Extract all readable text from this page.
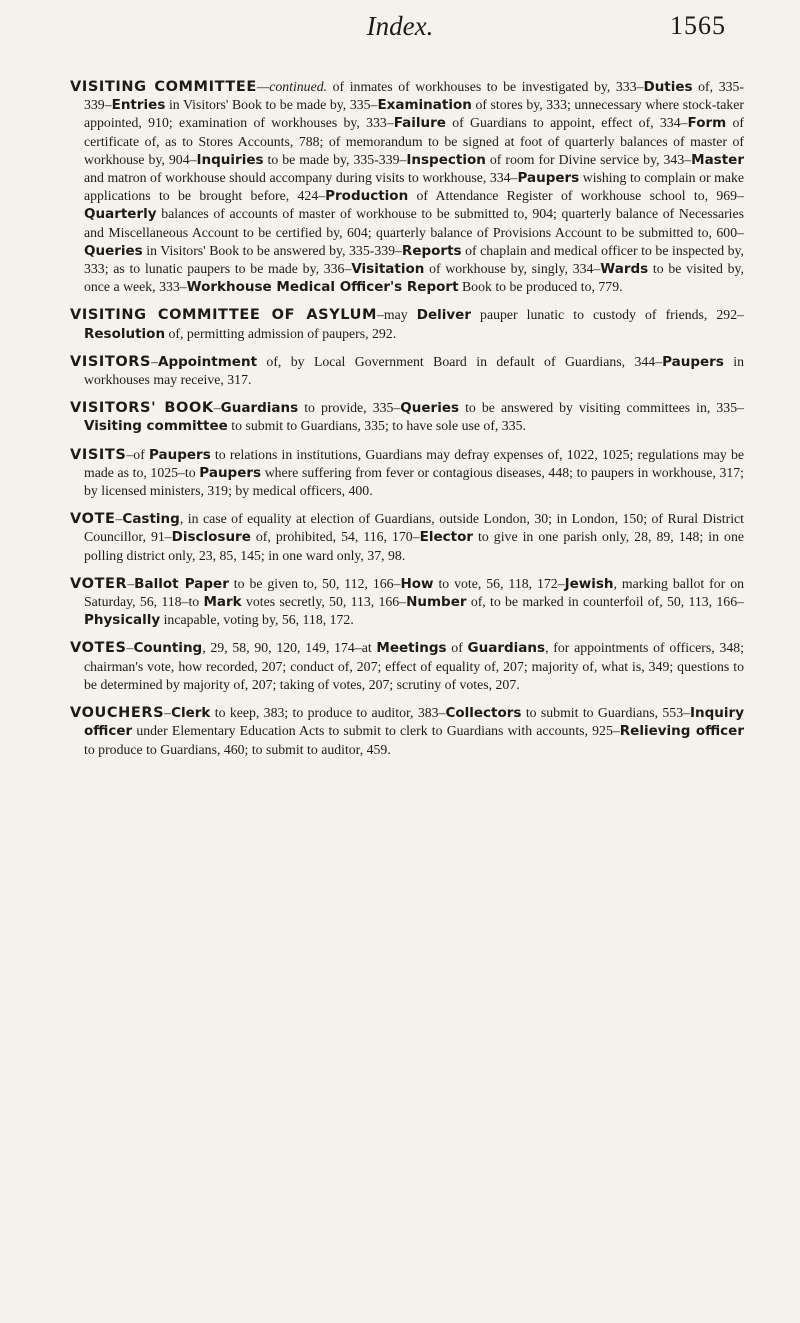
Index.	1565

VISITING COMMITTEE—continued. of inmates of workhouses to be investigated by, 333–Duties of, 335-339–Entries in Visitors' Book to be made by, 335–Examination of stores by, 333; unnecessary where stock-taker appointed, 910; examination of workhouses by, 333–Failure of Guardians to appoint, effect of, 334–Form of certificate of, as to Stores Accounts, 788; of memorandum to be signed at foot of quarterly balances of master of workhouse by, 904–Inquiries to be made by, 335-339–Inspection of room for Divine service by, 343–Master and matron of workhouse should accompany during visits to workhouse, 334–Paupers wishing to complain or make applications to be brought before, 424–Production of Attendance Register of workhouse school to, 969–Quarterly balances of accounts of master of workhouse to be submitted to, 904; quarterly balance of Necessaries and Miscellaneous Account to be certified by, 604; quarterly balance of Provisions Account to be submitted to, 600–Queries in Visitors' Book to be answered by, 335-339–Reports of chaplain and medical officer to be inspected by, 333; as to lunatic paupers to be made by, 336–Visitation of workhouse by, singly, 334–Wards to be visited by, once a week, 333–Workhouse Medical Officer's Report Book to be produced to, 779.

VISITING COMMITTEE OF ASYLUM–may Deliver pauper lunatic to custody of friends, 292–Resolution of, permitting admission of paupers, 292.

VISITORS–Appointment of, by Local Government Board in default of Guardians, 344–Paupers in workhouses may receive, 317.

VISITORS' BOOK–Guardians to provide, 335–Queries to be answered by visiting committees in, 335–Visiting committee to submit to Guardians, 335; to have sole use of, 335.

VISITS–of Paupers to relations in institutions, Guardians may defray expenses of, 1022, 1025; regulations may be made as to, 1025–to Paupers where suffering from fever or contagious diseases, 448; to paupers in workhouse, 317; by licensed ministers, 319; by medical officers, 400.

VOTE–Casting, in case of equality at election of Guardians, outside London, 30; in London, 150; of Rural District Councillor, 91–Disclosure of, prohibited, 54, 116, 170–Elector to give in one parish only, 28, 89, 148; in one polling district only, 23, 85, 145; in one ward only, 37, 98.

VOTER–Ballot Paper to be given to, 50, 112, 166–How to vote, 56, 118, 172–Jewish, marking ballot for on Saturday, 56, 118–to Mark votes secretly, 50, 113, 166–Number of, to be marked in counterfoil of, 50, 113, 166–Physically incapable, voting by, 56, 118, 172.

VOTES–Counting, 29, 58, 90, 120, 149, 174–at Meetings of Guardians, for appointments of officers, 348; chairman's vote, how recorded, 207; conduct of, 207; effect of equality of, 207; majority of, what is, 349; questions to be determined by majority of, 207; taking of votes, 207; scrutiny of votes, 207.

VOUCHERS–Clerk to keep, 383; to produce to auditor, 383–Collectors to submit to Guardians, 553–Inquiry officer under Elementary Education Acts to submit to clerk to Guardians with accounts, 925–Relieving officer to produce to Guardians, 460; to submit to auditor, 459.
